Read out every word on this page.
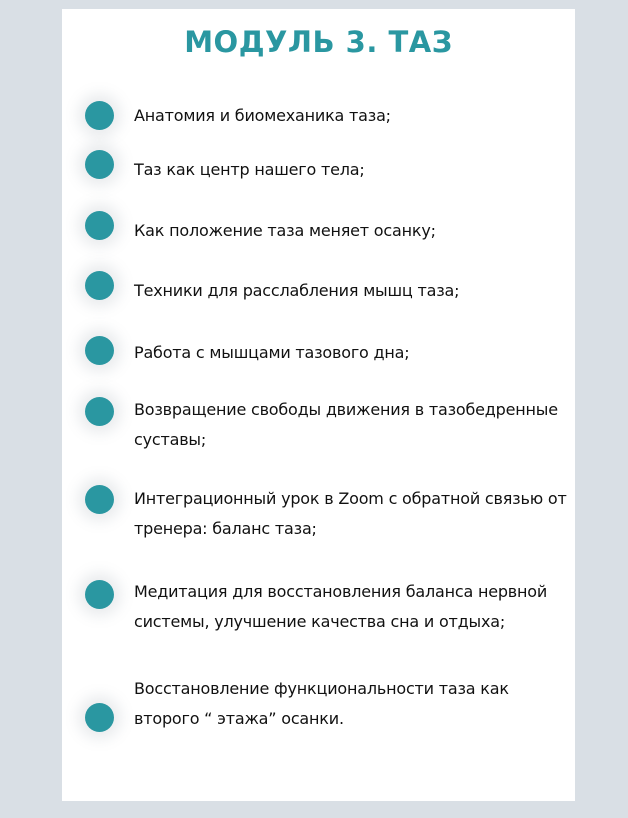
МОДУЛЬ 3. ТАЗ
Анатомия и биомеханика таза;
Таз как центр нашего тела;
Как положение таза меняет осанку;
Техники для расслабления мышц таза;
Работа с мышцами тазового дна;
Возвращение свободы движения в тазобедренные суставы;
Интеграционный урок в Zoom с обратной связью от тренера: баланс таза;
Медитация для восстановления баланса нервной системы, улучшение качества сна и отдыха;
Восстановление функциональности таза как второго “ этажа” осанки.
